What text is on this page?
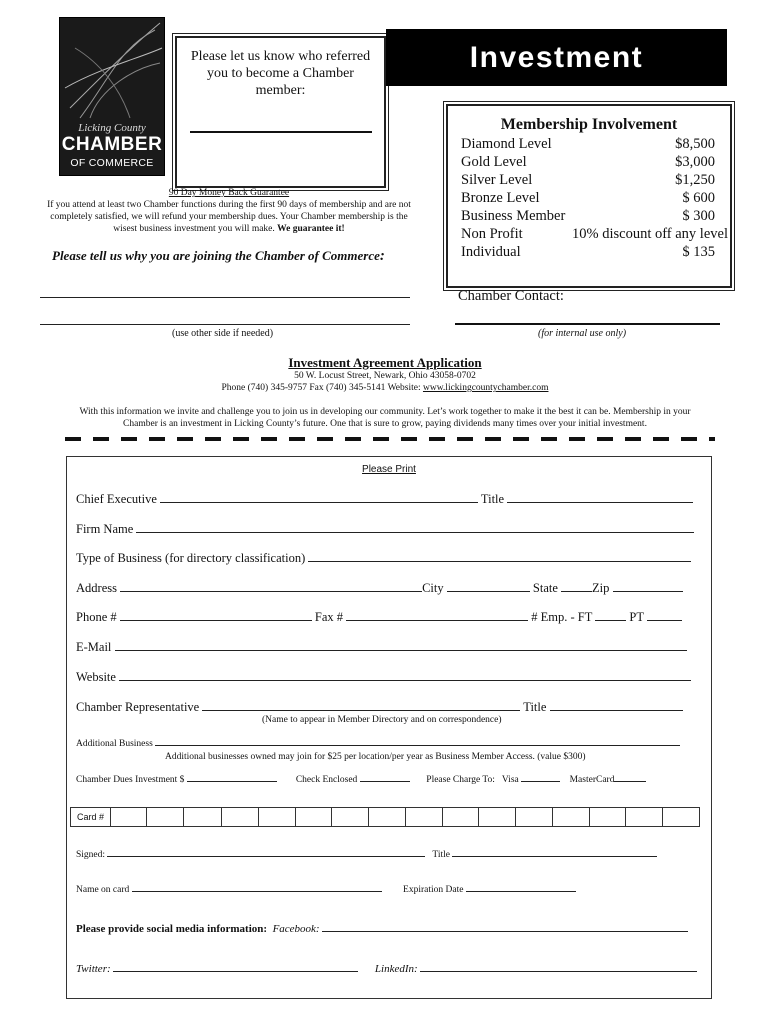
Licking County
CHAMBER
OF COMMERCE
Please let us know who referred you to become a Chamber member:
Investment
Membership Involvement
Diamond Level	$8,500
Gold Level	$3,000
Silver Level	$1,250
Bronze Level	$ 600
Business Member	$ 300
Non Profit	10% discount off any level
Individual	$ 135
90 Day Money Back Guarantee
If you attend at least two Chamber functions during the first 90 days of membership and are not completely satisfied, we will refund your membership dues. Your Chamber membership is the wisest business investment you will make. We guarantee it!
Please tell us why you are joining the Chamber of Commerce:
(use other side if needed)
Chamber Contact:
(for internal use only)
Investment Agreement Application
50 W. Locust Street, Newark, Ohio 43058-0702
Phone (740) 345-9757 Fax (740) 345-5141 Website: www.lickingcountychamber.com
With this information we invite and challenge you to join us in developing our community. Let’s work together to make it the best it can be. Membership in your Chamber is an investment in Licking County’s future. One that is sure to grow, paying dividends many times over your initial investment.
Please Print
Chief Executive	Title
Firm Name
Type of Business (for directory classification)
Address	City	State	Zip
Phone #	Fax #	# Emp. - FT	PT
E-Mail
Website
Chamber Representative	Title
(Name to appear in Member Directory and on correspondence)
Additional Business
Additional businesses owned may join for $25 per location/per year as Business Member Access. (value $300)
Chamber Dues Investment $	Check Enclosed	Please Charge To: Visa	MasterCard
Card #
Signed:	Title
Name on card	Expiration Date
Please provide social media information: Facebook:
Twitter:	LinkedIn:
